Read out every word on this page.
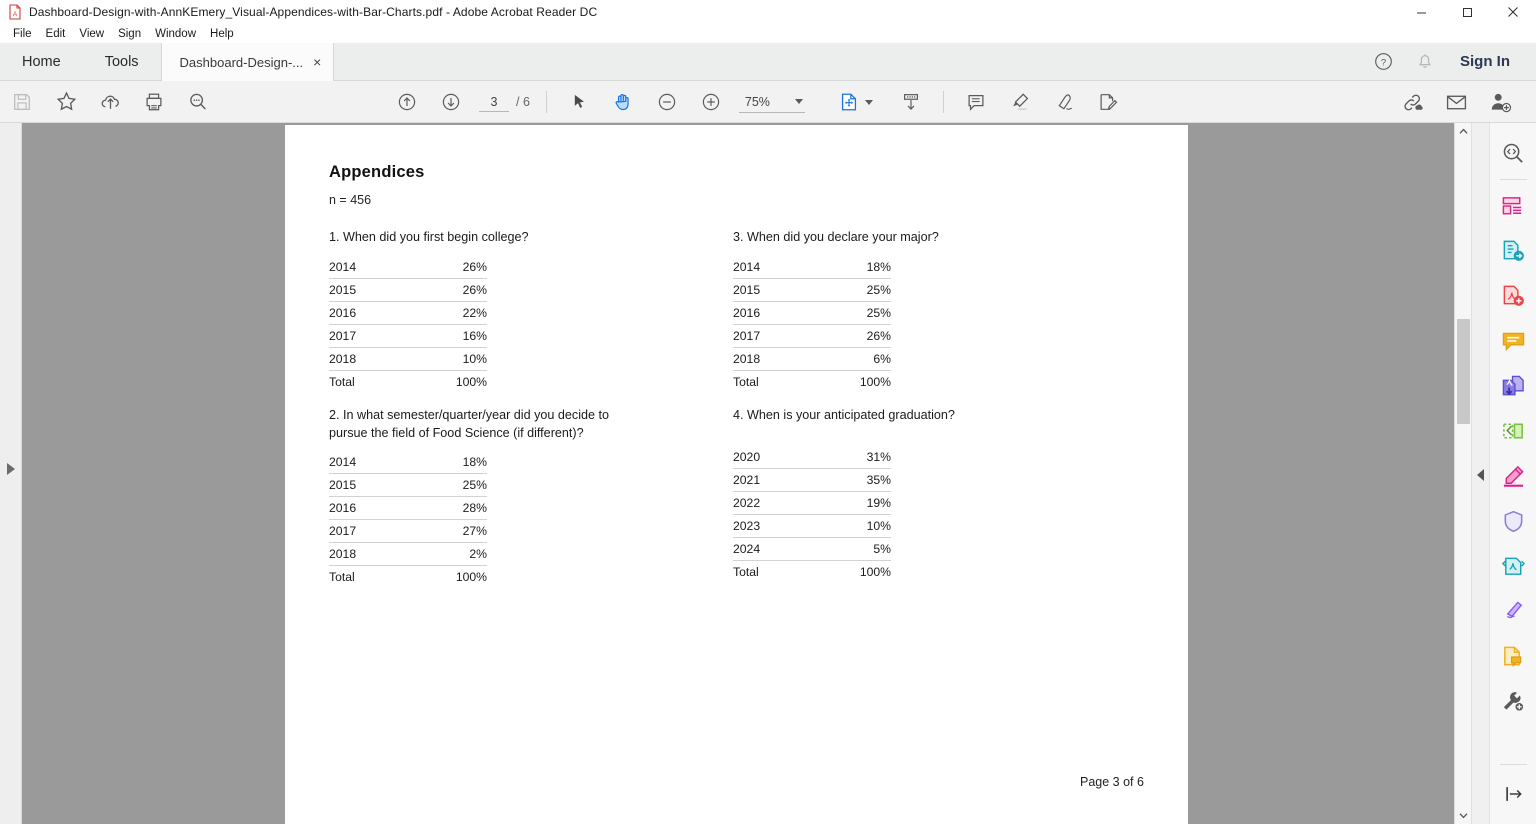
A Dashboard-Design-with-AnnKEmery_Visual-Appendices-with-Bar-Charts.pdf - Adobe Acrobat Reader DC
File	Edit	View	Sign	Window	Help
Home	Tools	Dashboard-Design-... ×	?	Sign In
3
/ 6	75%
Appendices
n = 456
1. When did you first begin college?
2014	26%
2015	26%
2016	22%
2017	16%
2018	10%
Total	100%
3. When did you declare your major?
2014	18%
2015	25%
2016	25%
2017	26%
2018	6%
Total	100%
2. In what semester/quarter/year did you decide to pursue the field of Food Science (if different)?
2014	18%
2015	25%
2016	28%
2017	27%
2018	2%
Total	100%
4. When is your anticipated graduation?

2020	31%
2021	35%
2022	19%
2023	10%
2024	5%
Total	100%
Page 3 of 6
